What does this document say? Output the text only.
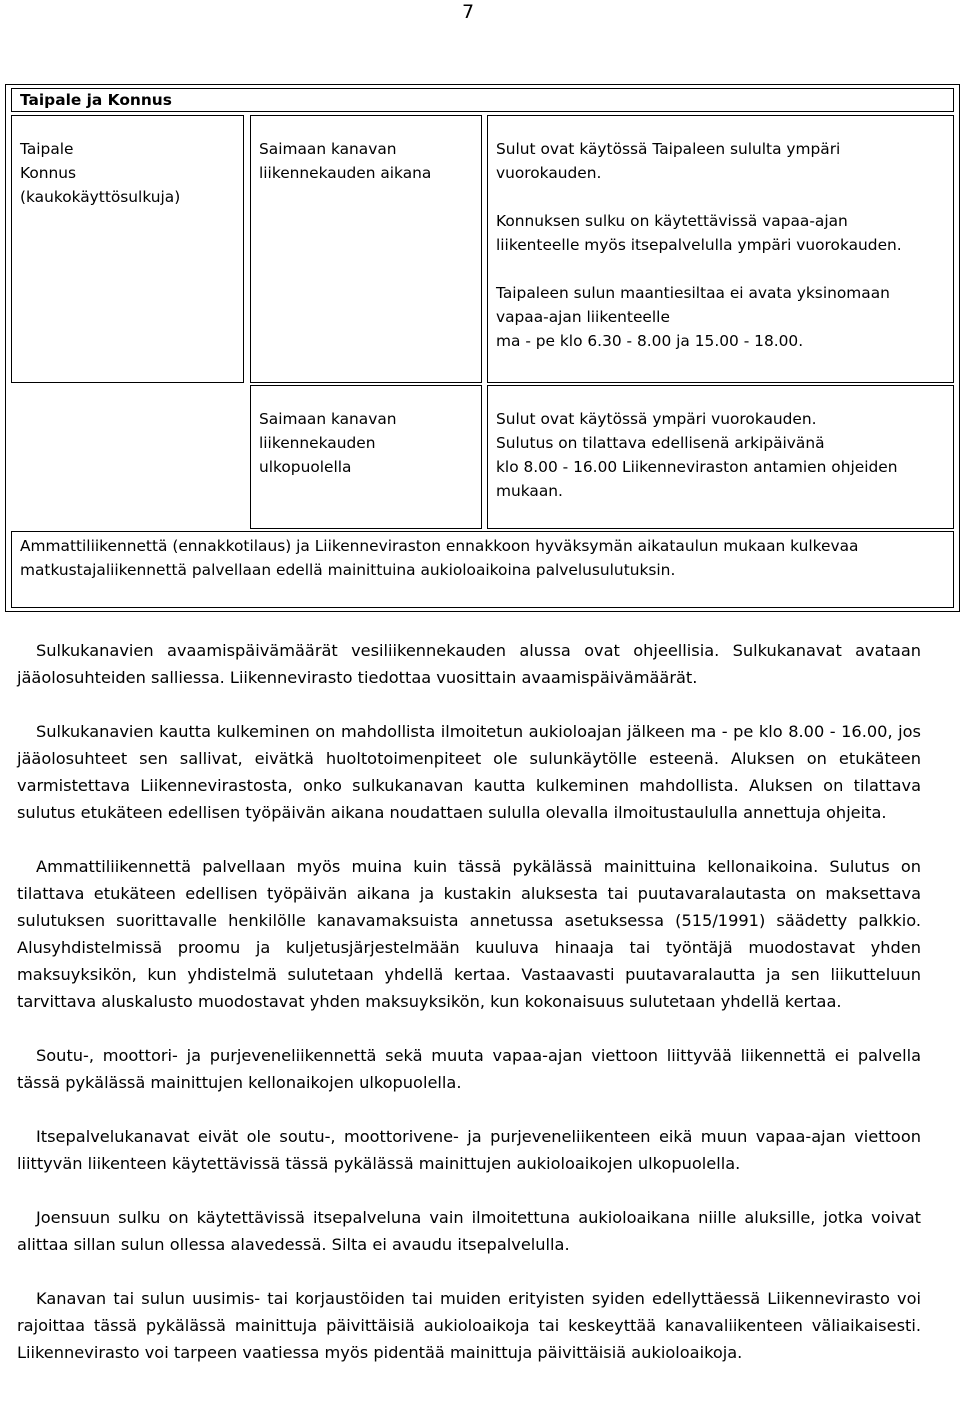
7
Taipale ja Konnus

Taipale

Konnus

(kaukokäyttösulkuja)

Saimaan kanavan

liikennekauden aikana

Sulut ovat käytössä Taipaleen sululta ympäri

vuorokauden.

Konnuksen sulku on käytettävissä vapaa-ajan

liikenteelle myös itsepalvelulla ympäri vuorokauden.

Taipaleen sulun maantiesiltaa ei avata yksinomaan

vapaa-ajan liikenteelle

ma - pe klo 6.30 - 8.00 ja 15.00 - 18.00.

Saimaan kanavan

liikennekauden

ulkopuolella

Sulut ovat käytössä ympäri vuorokauden.

Sulutus on tilattava edellisenä arkipäivänä

klo 8.00 - 16.00 Liikenneviraston antamien ohjeiden

mukaan.

Ammattiliikennettä (ennakkotilaus) ja Liikenneviraston ennakkoon hyväksymän aikataulun mukaan kulkevaa matkustajaliikennettä palvellaan edellä mainittuina aukioloaikoina palvelusulutuksin.

Sulkukanavien avaamispäivämäärät vesiliikennekauden alussa ovat ohjeellisia. Sulkukanavat avataan jääolosuhteiden salliessa. Liikennevirasto tiedottaa vuosittain avaamispäivämäärät.

Sulkukanavien kautta kulkeminen on mahdollista ilmoitetun aukioloajan jälkeen ma - pe klo 8.00 - 16.00, jos jääolosuhteet sen sallivat, eivätkä huoltotoimenpiteet ole sulunkäytölle esteenä. Aluksen on etukäteen varmistettava Liikennevirastosta, onko sulkukanavan kautta kulkeminen mahdollista. Aluksen on tilattava sulutus etukäteen edellisen työpäivän aikana noudattaen sululla olevalla ilmoitustaululla annettuja ohjeita.

Ammattiliikennettä palvellaan myös muina kuin tässä pykälässä mainittuina kellonaikoina. Sulutus on tilattava etukäteen edellisen työpäivän aikana ja kustakin aluksesta tai puutavaralautasta on maksettava sulutuksen suorittavalle henkilölle kanavamaksuista annetussa asetuksessa (515/1991) säädetty palkkio. Alusyhdistelmissä proomu ja kuljetusjärjestelmään kuuluva hinaaja tai työntäjä muodostavat yhden maksuyksikön, kun yhdistelmä sulutetaan yhdellä kertaa. Vastaavasti puutavaralautta ja sen liikutteluun tarvittava aluskalusto muodostavat yhden maksuyksikön, kun kokonaisuus sulutetaan yhdellä kertaa.

Soutu-, moottori- ja purjeveneliikennettä sekä muuta vapaa-ajan viettoon liittyvää liikennettä ei palvella tässä pykälässä mainittujen kellonaikojen ulkopuolella.

Itsepalvelukanavat eivät ole soutu-, moottorivene- ja purjeveneliikenteen eikä muun vapaa-ajan viettoon liittyvän liikenteen käytettävissä tässä pykälässä mainittujen aukioloaikojen ulkopuolella.

Joensuun sulku on käytettävissä itsepalveluna vain ilmoitettuna aukioloaikana niille aluksille, jotka voivat alittaa sillan sulun ollessa alavedessä. Silta ei avaudu itsepalvelulla.

Kanavan tai sulun uusimis- tai korjaustöiden tai muiden erityisten syiden edellyttäessä Liikennevirasto voi rajoittaa tässä pykälässä mainittuja päivittäisiä aukioloaikoja tai keskeyttää kanavaliikenteen väliaikaisesti. Liikennevirasto voi tarpeen vaatiessa myös pidentää mainittuja päivittäisiä aukioloaikoja.
